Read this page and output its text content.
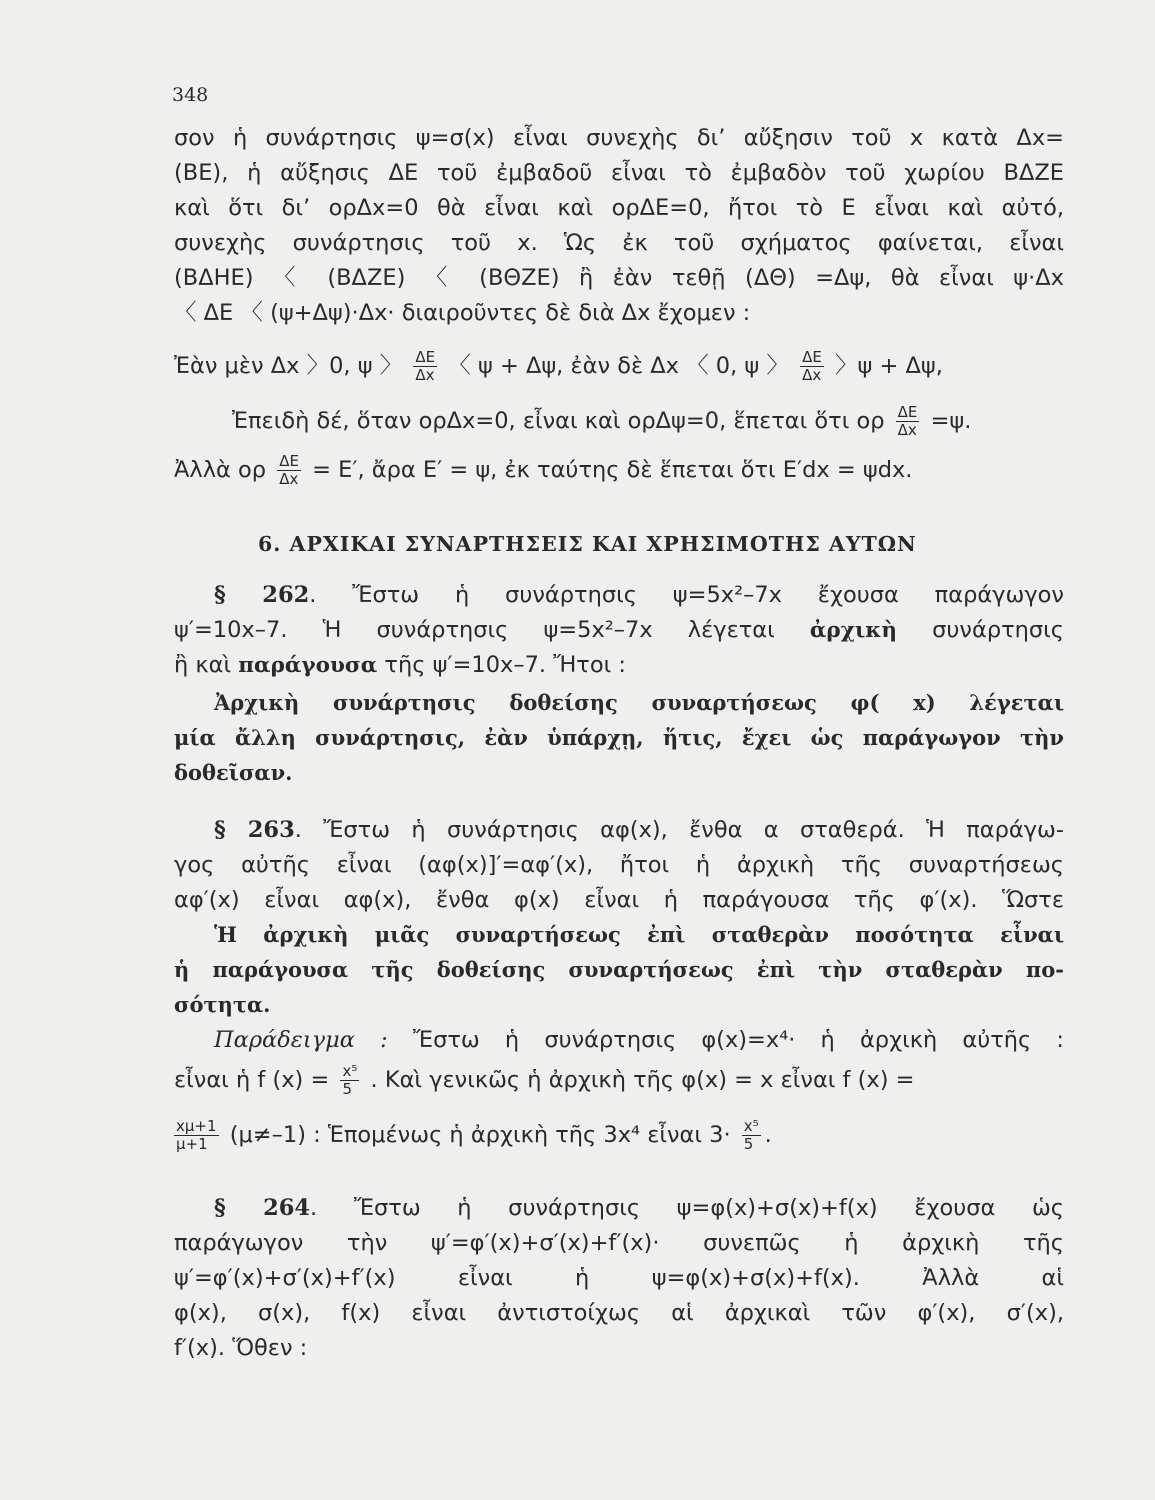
348
σον ἡ συνάρτησις ψ=σ(x) εἶναι συνεχὴς δι’ αὔξησιν τοῦ x κατὰ Δx=
(ΒΕ), ἡ αὔξησις ΔΕ τοῦ ἐμβαδοῦ εἶναι τὸ ἐμβαδὸν τοῦ χωρίου ΒΔΖΕ
καὶ ὅτι δι’ ορΔx=0 θὰ εἶναι καὶ ορΔΕ=0, ἤτοι τὸ Ε εἶναι καὶ αὐτό,
συνεχὴς συνάρτησις τοῦ x. Ὡς ἐκ τοῦ σχήματος φαίνεται, εἶναι
(ΒΔΗΕ) 〈 (ΒΔΖΕ) 〈 (ΒΘΖΕ) ἢ ἐὰν τεθῇ (ΔΘ) =Δψ, θὰ εἶναι ψ·Δx
〈 ΔΕ 〈 (ψ+Δψ)·Δx· διαιροῦντες δὲ διὰ Δx ἔχομεν :
Ἐὰν μὲν Δx 〉0, ψ 〉 $\frac{\Delta E}{\Delta x}$ 〈 ψ + Δψ, ἐὰν δὲ Δx 〈 0, ψ 〉 $\frac{\Delta E}{\Delta x}$ 〉ψ + Δψ,
Ἐπειδὴ δέ, ὅταν ορΔx=0, εἶναι καὶ ορΔψ=0, ἕπεται ὅτι ορ $\frac{\Delta E}{\Delta x} =\psi$.
Ἀλλὰ ορ $\frac{\Delta E}{\Delta x} = E'$, ἄρα Ε′ = ψ, ἐκ ταύτης δὲ ἕπεται ὅτι Ε′dx = ψdx.
6. ΑΡΧΙΚΑΙ ΣΥΝΑΡΤΗΣΕΙΣ ΚΑΙ ΧΡΗΣΙΜΟΤΗΣ ΑΥΤΩΝ
§ 262. Ἔστω ἡ συνάρτησις ψ=5x²–7x ἔχουσα παράγωγον
ψ′=10x–7. Ἡ συνάρτησις ψ=5x²–7x λέγεται ἀρχικὴ συνάρτησις
ἢ καὶ παράγουσα τῆς ψ′=10x–7. Ἤτοι :
Ἀρχικὴ συνάρτησις δοθείσης συναρτήσεως φ( x) λέγεται
μία ἄλλη συνάρτησις, ἐὰν ὑπάρχῃ, ἥτις, ἔχει ὡς παράγωγον τὴν
δοθεῖσαν.
§ 263. Ἔστω ἡ συνάρτησις αφ(x), ἔνθα α σταθερά. Ἡ παράγω-
γος αὐτῆς εἶναι (αφ(x)]′=αφ′(x), ἤτοι ἡ ἀρχικὴ τῆς συναρτήσεως
αφ′(x) εἶναι αφ(x), ἔνθα φ(x) εἶναι ἡ παράγουσα τῆς φ′(x). Ὥστε
Ἡ ἀρχικὴ μιᾶς συναρτήσεως ἐπὶ σταθερὰν ποσότητα εἶναι
ἡ παράγουσα τῆς δοθείσης συναρτήσεως ἐπὶ τὴν σταθερὰν πο-
σότητα.
Παράδειγμα : Ἔστω ἡ συνάρτησις φ(x)=x⁴· ἡ ἀρχικὴ αὐτῆς :
εἶναι ἡ f $(x) = \frac{\text{x⁵}}{5}$ . Καὶ γενικῶς ἡ ἀρχικὴ τῆς φ(x) = x εἶναι f (x) =
$\frac{x\mu+1}{\mu+1} (\mu\ne-1)$ : Ἑπομένως ἡ ἀρχικὴ τῆς 3x⁴ εἶναι $3\cdot \frac{\text{x⁵}}{5}$ .
§ 264. Ἔστω ἡ συνάρτησις ψ=φ(x)+σ(x)+f(x) ἔχουσα ὡς
παράγωγον τὴν ψ′=φ′(x)+σ′(x)+f′(x)· συνεπῶς ἡ ἀρχικὴ τῆς
ψ′=φ′(x)+σ′(x)+f′(x) εἶναι ἡ ψ=φ(x)+σ(x)+f(x). Ἀλλὰ αἱ
φ(x), σ(x), f(x) εἶναι ἀντιστοίχως αἱ ἀρχικαὶ τῶν φ′(x), σ′(x),
f′(x). Ὅθεν :
